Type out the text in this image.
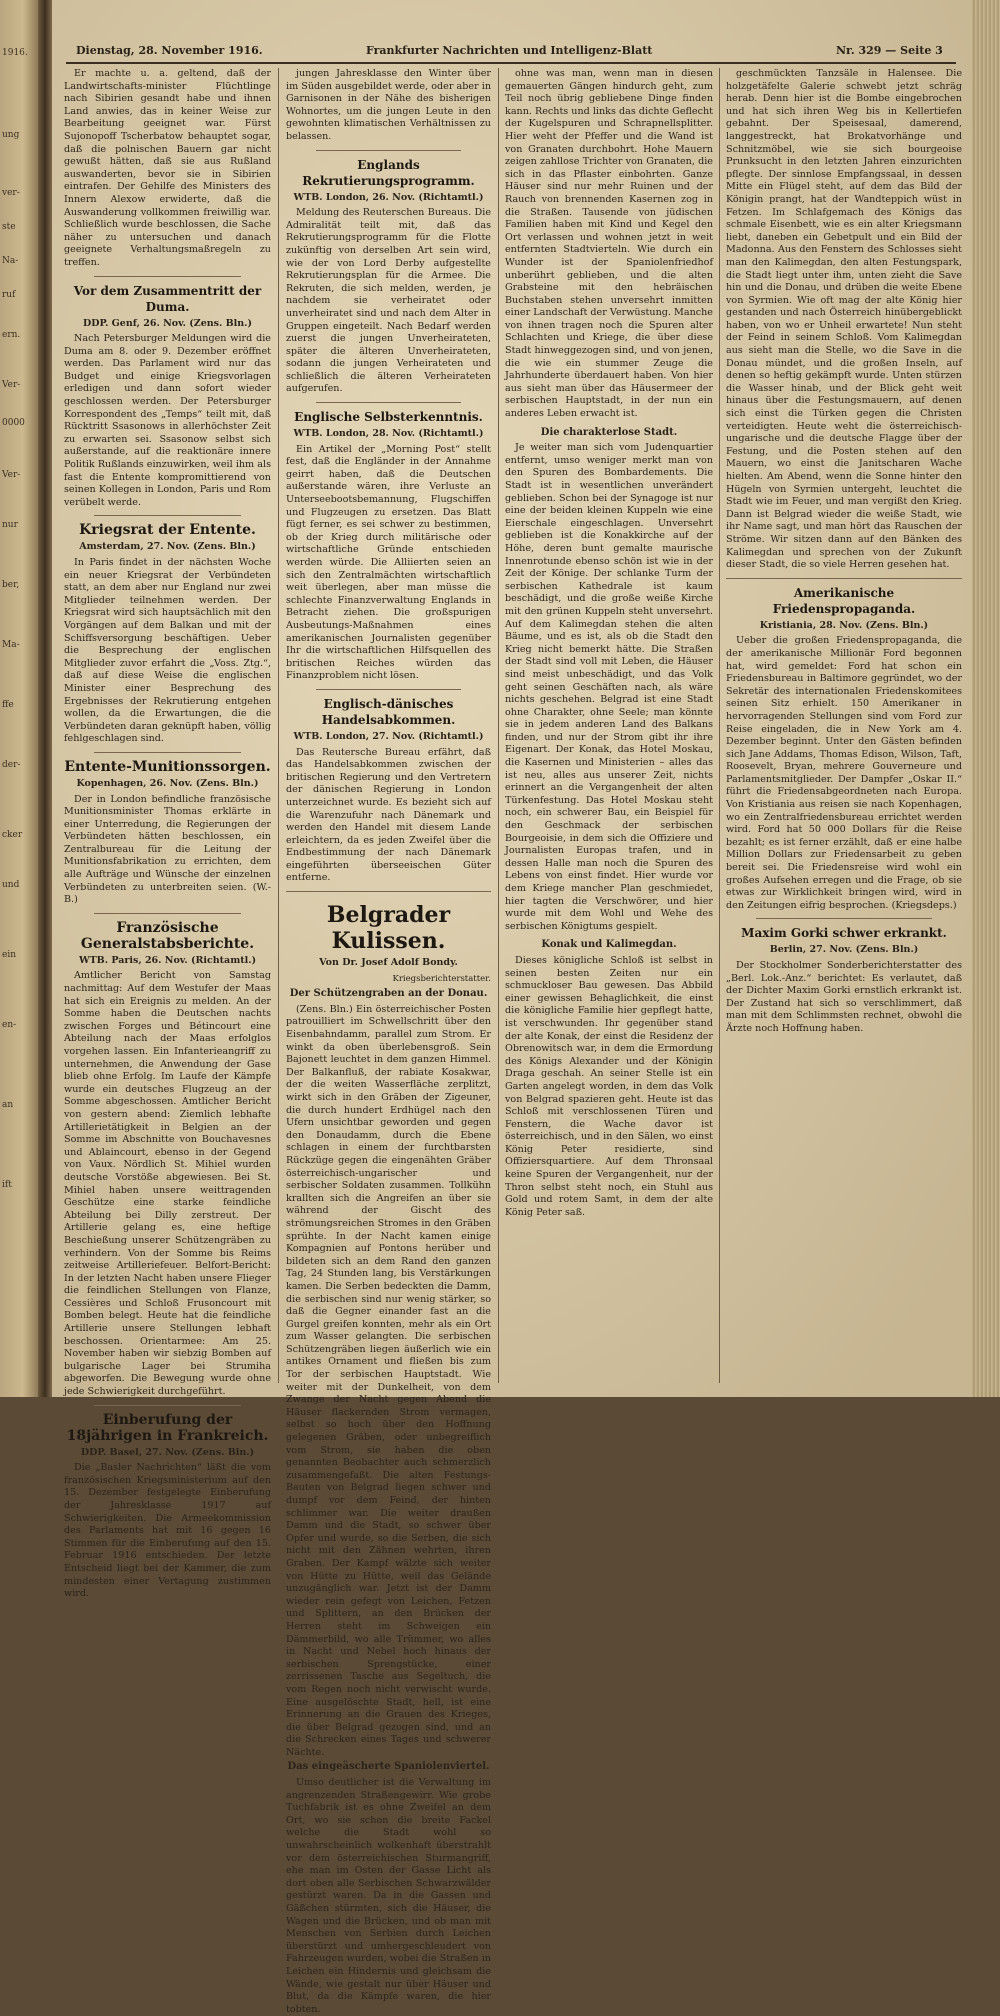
1916.
ung
ver-
ste
Na-
ruf
ern.
Ver-
0000
Ver-
nur
ber,
Ma-
ffe
der-
cker
und
ein
en-
an
ift
Dienstag, 28. November 1916.	Frankfurter Nachrichten und Intelligenz-Blatt	Nr. 329 — Seite 3

Er machte u. a. geltend, daß der Landwirtschafts-minister Flüchtlinge nach Sibirien gesandt habe und ihnen Land anwies, das in keiner Weise zur Bearbeitung geeignet war. Fürst Sujonopoff Tscherbatow behauptet sogar, daß die polnischen Bauern gar nicht gewußt hätten, daß sie aus Rußland auswanderten, bevor sie in Sibirien eintrafen. Der Gehilfe des Ministers des Innern Alexow erwiderte, daß die Auswanderung vollkommen freiwillig war. Schließlich wurde beschlossen, die Sache näher zu untersuchen und danach geeignete Verhaltungsmaßregeln zu treffen.

Vor dem Zusammentritt der Duma.
DDP. Genf, 26. Nov. (Zens. Bln.)

Nach Petersburger Meldungen wird die Duma am 8. oder 9. Dezember eröffnet werden. Das Parlament wird nur das Budget und einige Kriegsvorlagen erledigen und dann sofort wieder geschlossen werden. Der Petersburger Korrespondent des „Temps“ teilt mit, daß Rücktritt Ssasonows in allerhöchster Zeit zu erwarten sei. Ssasonow selbst sich außerstande, auf die reaktionäre innere Politik Rußlands einzuwirken, weil ihm als fast die Entente kompromittierend von seinen Kollegen in London, Paris und Rom verübelt werde.

Kriegsrat der Entente.
Amsterdam, 27. Nov. (Zens. Bln.)

In Paris findet in der nächsten Woche ein neuer Kriegsrat der Verbündeten statt, an dem aber nur England nur zwei Mitglieder teilnehmen werden. Der Kriegsrat wird sich hauptsächlich mit den Vorgängen auf dem Balkan und mit der Schiffsversorgung beschäftigen. Ueber die Besprechung der englischen Mitglieder zuvor erfahrt die „Voss. Ztg.“, daß auf diese Weise die englischen Minister einer Besprechung des Ergebnisses der Rekrutierung entgehen wollen, da die Erwartungen, die die Verbündeten daran geknüpft haben, völlig fehlgeschlagen sind.

Entente-Munitionssorgen.
Kopenhagen, 26. Nov. (Zens. Bln.)

Der in London befindliche französische Munitionsminister Thomas erklärte in einer Unterredung, die Regierungen der Verbündeten hätten beschlossen, ein Zentralbureau für die Leitung der Munitionsfabrikation zu errichten, dem alle Aufträge und Wünsche der einzelnen Verbündeten zu unterbreiten seien. (W.-B.)

Französische Generalstabsberichte.
WTB. Paris, 26. Nov. (Richtamtl.)

Amtlicher Bericht von Samstag nachmittag: Auf dem Westufer der Maas hat sich ein Ereignis zu melden. An der Somme haben die Deutschen nachts zwischen Forges und Bétincourt eine Abteilung nach der Maas erfolglos vorgehen lassen. Ein Infanterieangriff zu unternehmen, die Anwendung der Gase blieb ohne Erfolg. Im Laufe der Kämpfe wurde ein deutsches Flugzeug an der Somme abgeschossen. Amtlicher Bericht von gestern abend: Ziemlich lebhafte Artillerietätigkeit in Belgien an der Somme im Abschnitte von Bouchavesnes und Ablaincourt, ebenso in der Gegend von Vaux. Nördlich St. Mihiel wurden deutsche Vorstöße abgewiesen. Bei St. Mihiel haben unsere weittragenden Geschütze eine starke feindliche Abteilung bei Dilly zerstreut. Der Artillerie gelang es, eine heftige Beschießung unserer Schützengräben zu verhindern. Von der Somme bis Reims zeitweise Artilleriefeuer. Belfort-Bericht: In der letzten Nacht haben unsere Flieger die feindlichen Stellungen von Flanze, Cessières und Schloß Frusoncourt mit Bomben belegt. Heute hat die feindliche Artillerie unsere Stellungen lebhaft beschossen. Orientarmee: Am 25. November haben wir siebzig Bomben auf bulgarische Lager bei Strumiha abgeworfen. Die Bewegung wurde ohne jede Schwierigkeit durchgeführt.

Einberufung der 18jährigen in Frankreich.
DDP. Basel, 27. Nov. (Zens. Bln.)

Die „Basler Nachrichten“ läßt die vom französischen Kriegsministerium auf den 15. Dezember festgelegte Einberufung der Jahresklasse 1917 auf Schwierigkeiten. Die Armeekommission des Parlaments hat mit 16 gegen 16 Stimmen für die Einberufung auf den 15. Februar 1916 entschieden. Der letzte Entscheid liegt bei der Kammer, die zum mindesten einer Vertagung zustimmen wird.

jungen Jahresklasse den Winter über im Süden ausgebildet werde, oder aber in Garnisonen in der Nähe des bisherigen Wohnortes, um die jungen Leute in den gewohnten klimatischen Verhältnissen zu belassen.

Englands Rekrutierungsprogramm.
WTB. London, 26. Nov. (Richtamtl.)

Meldung des Reuterschen Bureaus. Die Admiralität teilt mit, daß das Rekrutierungsprogramm für die Flotte zukünftig von derselben Art sein wird, wie der von Lord Derby aufgestellte Rekrutierungsplan für die Armee. Die Rekruten, die sich melden, werden, je nachdem sie verheiratet oder unverheiratet sind und nach dem Alter in Gruppen eingeteilt. Nach Bedarf werden zuerst die jungen Unverheirateten, später die älteren Unverheirateten, sodann die jungen Verheirateten und schließlich die älteren Verheirateten aufgerufen.

Englische Selbsterkenntnis.
WTB. London, 28. Nov. (Richtamtl.)

Ein Artikel der „Morning Post“ stellt fest, daß die Engländer in der Annahme geirrt haben, daß die Deutschen außerstande wären, ihre Verluste an Unterseebootsbemannung, Flugschiffen und Flugzeugen zu ersetzen. Das Blatt fügt ferner, es sei schwer zu bestimmen, ob der Krieg durch militärische oder wirtschaftliche Gründe entschieden werden würde. Die Alliierten seien an sich den Zentralmächten wirtschaftlich weit überlegen, aber man müsse die schlechte Finanzverwaltung Englands in Betracht ziehen. Die großspurigen Ausbeutungs-Maßnahmen eines amerikanischen Journalisten gegenüber Ihr die wirtschaftlichen Hilfsquellen des britischen Reiches würden das Finanzproblem nicht lösen.

Englisch-dänisches Handelsabkommen.
WTB. London, 27. Nov. (Richtamtl.)

Das Reutersche Bureau erfährt, daß das Handelsabkommen zwischen der britischen Regierung und den Vertretern der dänischen Regierung in London unterzeichnet wurde. Es bezieht sich auf die Warenzufuhr nach Dänemark und werden den Handel mit diesem Lande erleichtern, da es jeden Zweifel über die Endbestimmung der nach Dänemark eingeführten überseeischen Güter entferne.

Belgrader Kulissen.
Von Dr. Josef Adolf Bondy.
Kriegsberichterstatter.
Der Schützengraben an der Donau.

(Zens. Bln.) Ein österreichischer Posten patrouilliert im Schwellschritt über den Eisenbahndamm, parallel zum Strom. Er winkt da oben überlebensgroß. Sein Bajonett leuchtet in dem ganzen Himmel. Der Balkanfluß, der rabiate Kosakwar, der die weiten Wasserfläche zerplitzt, wirkt sich in den Gräben der Zigeuner, die durch hundert Erdhügel nach den Ufern unsichtbar geworden und gegen den Donaudamm, durch die Ebene schlagen in einem der furchtbarsten Rückzüge gegen die eingenähten Gräber österreichisch-ungarischer und serbischer Soldaten zusammen. Tollkühn krallten sich die Angreifen an über sie während der Gischt des strömungsreichen Stromes in den Gräben sprühte. In der Nacht kamen einige Kompagnien auf Pontons herüber und bildeten sich an dem Rand den ganzen Tag, 24 Stunden lang, bis Verstärkungen kamen. Die Serben bedeckten die Damm, die serbischen sind nur wenig stärker, so daß die Gegner einander fast an die Gurgel greifen konnten, mehr als ein Ort zum Wasser gelangten. Die serbischen Schützengräben liegen äußerlich wie ein antikes Ornament und fließen bis zum Tor der serbischen Hauptstadt. Wie weiter mit der Dunkelheit, von dem Zwange der Nacht gegen Abend die Häuser flackernden Strom vermagen, selbst so hoch über den Hoffnung gelegenen Gräben, oder unbegreiflich vom Strom, sie haben die oben genannten Beobachter auch schmerzlich zusammengefaßt. Die alten Festungs-Bauten von Belgrad liegen schwer und dumpf vor dem Feind, der hinten schlimmer war. Die weiter draußen Damm und die Stadt, so schwer über Opfer und wurde, so die Serben, die sich nicht mit den Zähnen wehrten, ihren Graben. Der Kampf wälzte sich weiter von Hütte zu Hütte, weil das Gelände unzugänglich war. Jetzt ist der Damm wieder rein gefegt von Leichen, Fetzen und Splittern, an den Brücken der Herren steht im Schweigen ein Dämmerbild, wo alle Trümmer, wo alles in Nacht und Nebel hoch hinaus der serbischen Sprengstücke, einer zerrissenen Tasche aus Segeltuch, die vom Regen noch nicht verwischt wurde. Eine ausgelöschte Stadt, hell, ist eine Erinnerung an die Grauen des Krieges, die über Belgrad gezogen sind, und an die Schrecken eines Tages und schwerer Nächte.

Das eingeäscherte Spaniolenviertel.

Umso deutlicher ist die Verwaltung im angrenzenden Straßengewirr. Wie grobe Tuchfabrik ist es ohne Zweifel an dem Ort, wo sie schon die breite Fackel welche die Stadt wohl so unwahrscheinlich wolkenhaft überstrahlt vor dem österreichischen Sturmangriff, ehe man im Osten der Gasse Licht als dort oben alle Serbischen Schwarzwälder gestürzt waren. Da in die Gassen und Gäßchen stürmten, sich die Häuser, die Wagen und die Brücken, und ob man mit Menschen von Serbien durch Leichen überstürzt und umhergeschleudert von Fahrzeugen wurden, wobei die Straßen in Leichen ein Hindernis und gleichsam die Wände, wie gestalt nur über Häuser und Blut, da die Kämpfe waren, die hier tobten.

ohne was man, wenn man in diesen gemauerten Gängen hindurch geht, zum Teil noch übrig gebliebene Dinge finden kann. Rechts und links das dichte Geflecht der Kugelspuren und Schrapnellsplitter. Hier weht der Pfeffer und die Wand ist von Granaten durchbohrt. Hohe Mauern zeigen zahllose Trichter von Granaten, die sich in das Pflaster einbohrten. Ganze Häuser sind nur mehr Ruinen und der Rauch von brennenden Kasernen zog in die Straßen. Tausende von jüdischen Familien haben mit Kind und Kegel den Ort verlassen und wohnen jetzt in weit entfernten Stadtvierteln. Wie durch ein Wunder ist der Spaniolenfriedhof unberührt geblieben, und die alten Grabsteine mit den hebräischen Buchstaben stehen unversehrt inmitten einer Landschaft der Verwüstung. Manche von ihnen tragen noch die Spuren alter Schlachten und Kriege, die über diese Stadt hinweggezogen sind, und von jenen, die wie ein stummer Zeuge die Jahrhunderte überdauert haben. Von hier aus sieht man über das Häusermeer der serbischen Hauptstadt, in der nun ein anderes Leben erwacht ist.

Die charakterlose Stadt.

Je weiter man sich vom Judenquartier entfernt, umso weniger merkt man von den Spuren des Bombardements. Die Stadt ist in wesentlichen unverändert geblieben. Schon bei der Synagoge ist nur eine der beiden kleinen Kuppeln wie eine Eierschale eingeschlagen. Unversehrt geblieben ist die Konakkirche auf der Höhe, deren bunt gemalte maurische Innenrotunde ebenso schön ist wie in der Zeit der Könige. Der schlanke Turm der serbischen Kathedrale ist kaum beschädigt, und die große weiße Kirche mit den grünen Kuppeln steht unversehrt. Auf dem Kalimegdan stehen die alten Bäume, und es ist, als ob die Stadt den Krieg nicht bemerkt hätte. Die Straßen der Stadt sind voll mit Leben, die Häuser sind meist unbeschädigt, und das Volk geht seinen Geschäften nach, als wäre nichts geschehen. Belgrad ist eine Stadt ohne Charakter, ohne Seele; man könnte sie in jedem anderen Land des Balkans finden, und nur der Strom gibt ihr ihre Eigenart. Der Konak, das Hotel Moskau, die Kasernen und Ministerien – alles das ist neu, alles aus unserer Zeit, nichts erinnert an die Vergangenheit der alten Türkenfestung. Das Hotel Moskau steht noch, ein schwerer Bau, ein Beispiel für den Geschmack der serbischen Bourgeoisie, in dem sich die Offiziere und Journalisten Europas trafen, und in dessen Halle man noch die Spuren des Lebens von einst findet. Hier wurde vor dem Kriege mancher Plan geschmiedet, hier tagten die Verschwörer, und hier wurde mit dem Wohl und Wehe des serbischen Königtums gespielt.

Konak und Kalimegdan.

Dieses königliche Schloß ist selbst in seinen besten Zeiten nur ein schmuckloser Bau gewesen. Das Abbild einer gewissen Behaglichkeit, die einst die königliche Familie hier gepflegt hatte, ist verschwunden. Ihr gegenüber stand der alte Konak, der einst die Residenz der Obrenowitsch war, in dem die Ermordung des Königs Alexander und der Königin Draga geschah. An seiner Stelle ist ein Garten angelegt worden, in dem das Volk von Belgrad spazieren geht. Heute ist das Schloß mit verschlossenen Türen und Fenstern, die Wache davor ist österreichisch, und in den Sälen, wo einst König Peter residierte, sind Offiziersquartiere. Auf dem Thronsaal keine Spuren der Vergangenheit, nur der Thron selbst steht noch, ein Stuhl aus Gold und rotem Samt, in dem der alte König Peter saß.

geschmückten Tanzsäle in Halensee. Die holzgetäfelte Galerie schwebt jetzt schräg herab. Denn hier ist die Bombe eingebrochen und hat sich ihren Weg bis in Kellertiefen gebahnt. Der Speisesaal, damerend, langgestreckt, hat Brokatvorhänge und Schnitzmöbel, wie sie sich bourgeoise Prunksucht in den letzten Jahren einzurichten pflegte. Der sinnlose Empfangssaal, in dessen Mitte ein Flügel steht, auf dem das Bild der Königin prangt, hat der Wandteppich wüst in Fetzen. Im Schlafgemach des Königs das schmale Eisenbett, wie es ein alter Kriegsmann liebt, daneben ein Gebetpult und ein Bild der Madonna. Aus den Fenstern des Schlosses sieht man den Kalimegdan, den alten Festungspark, die Stadt liegt unter ihm, unten zieht die Save hin und die Donau, und drüben die weite Ebene von Syrmien. Wie oft mag der alte König hier gestanden und nach Österreich hinübergeblickt haben, von wo er Unheil erwartete! Nun steht der Feind in seinem Schloß. Vom Kalimegdan aus sieht man die Stelle, wo die Save in die Donau mündet, und die großen Inseln, auf denen so heftig gekämpft wurde. Unten stürzen die Wasser hinab, und der Blick geht weit hinaus über die Festungsmauern, auf denen sich einst die Türken gegen die Christen verteidigten. Heute weht die österreichisch-ungarische und die deutsche Flagge über der Festung, und die Posten stehen auf den Mauern, wo einst die Janitscharen Wache hielten. Am Abend, wenn die Sonne hinter den Hügeln von Syrmien untergeht, leuchtet die Stadt wie im Feuer, und man vergißt den Krieg. Dann ist Belgrad wieder die weiße Stadt, wie ihr Name sagt, und man hört das Rauschen der Ströme. Wir sitzen dann auf den Bänken des Kalimegdan und sprechen von der Zukunft dieser Stadt, die so viele Herren gesehen hat.

Amerikanische Friedenspropaganda.
Kristiania, 28. Nov. (Zens. Bln.)

Ueber die großen Friedenspropaganda, die der amerikanische Millionär Ford begonnen hat, wird gemeldet: Ford hat schon ein Friedensbureau in Baltimore gegründet, wo der Sekretär des internationalen Friedenskomitees seinen Sitz erhielt. 150 Amerikaner in hervorragenden Stellungen sind vom Ford zur Reise eingeladen, die in New York am 4. Dezember beginnt. Unter den Gästen befinden sich Jane Addams, Thomas Edison, Wilson, Taft, Roosevelt, Bryan, mehrere Gouverneure und Parlamentsmitglieder. Der Dampfer „Oskar II.“ führt die Friedensabgeordneten nach Europa. Von Kristiania aus reisen sie nach Kopenhagen, wo ein Zentralfriedensbureau errichtet werden wird. Ford hat 50 000 Dollars für die Reise bezahlt; es ist ferner erzählt, daß er eine halbe Million Dollars zur Friedensarbeit zu geben bereit sei. Die Friedensreise wird wohl ein großes Aufsehen erregen und die Frage, ob sie etwas zur Wirklichkeit bringen wird, wird in den Zeitungen eifrig besprochen. (Kriegsdeps.)

Maxim Gorki schwer erkrankt.
Berlin, 27. Nov. (Zens. Bln.)

Der Stockholmer Sonderberichterstatter des „Berl. Lok.-Anz.“ berichtet: Es verlautet, daß der Dichter Maxim Gorki ernstlich erkrankt ist. Der Zustand hat sich so verschlimmert, daß man mit dem Schlimmsten rechnet, obwohl die Ärzte noch Hoffnung haben.
